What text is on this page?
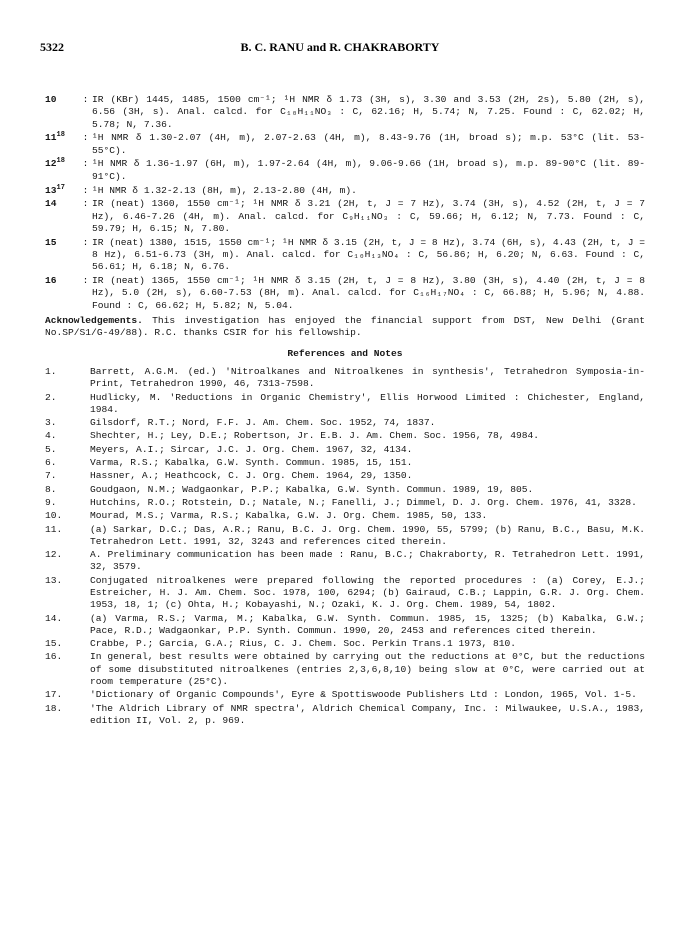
5322	B. C. RANU and R. CHAKRABORTY
10	: IR (KBr) 1445, 1485, 1500 cm⁻¹; ¹H NMR δ 1.73 (3H, s), 3.30 and 3.53 (2H, 2s), 5.80 (2H, s), 6.56 (3H, s). Anal. calcd. for C₁₀H₁₁NO₃ : C, 62.16; H, 5.74; N, 7.25. Found : C, 62.02; H, 5.78; N, 7.36.
$11^{18}$	: ¹H NMR δ 1.30-2.07 (4H, m), 2.07-2.63 (4H, m), 8.43-9.76 (1H, broad s); m.p. 53°C (lit. 53-55°C).
$12^{18}$	: ¹H NMR δ 1.36-1.97 (6H, m), 1.97-2.64 (4H, m), 9.06-9.66 (1H, broad s), m.p. 89-90°C (lit. 89-91°C).
$13^{17}$	: ¹H NMR δ 1.32-2.13 (8H, m), 2.13-2.80 (4H, m).
14	: IR (neat) 1360, 1550 cm⁻¹; ¹H NMR δ 3.21 (2H, t, J = 7 Hz), 3.74 (3H, s), 4.52 (2H, t, J = 7 Hz), 6.46-7.26 (4H, m). Anal. calcd. for C₉H₁₁NO₃ : C, 59.66; H, 6.12; N, 7.73. Found : C, 59.79; H, 6.15; N, 7.80.
15	: IR (neat) 1380, 1515, 1550 cm⁻¹; ¹H NMR δ 3.15 (2H, t, J = 8 Hz), 3.74 (6H, s), 4.43 (2H, t, J = 8 Hz), 6.51-6.73 (3H, m). Anal. calcd. for C₁₀H₁₃NO₄ : C, 56.86; H, 6.20; N, 6.63. Found : C, 56.61; H, 6.18; N, 6.76.
16	: IR (neat) 1365, 1550 cm⁻¹; ¹H NMR δ 3.15 (2H, t, J = 8 Hz), 3.80 (3H, s), 4.40 (2H, t, J = 8 Hz), 5.0 (2H, s), 6.60-7.53 (8H, m). Anal. calcd. for C₁₆H₁₇NO₄ : C, 66.88; H, 5.96; N, 4.88. Found : C, 66.62; H, 5.82; N, 5.04.
Acknowledgements. This investigation has enjoyed the financial support from DST, New Delhi (Grant No.SP/S1/G-49/88). R.C. thanks CSIR for his fellowship.
References and Notes
1.	Barrett, A.G.M. (ed.) 'Nitroalkanes and Nitroalkenes in synthesis', Tetrahedron Symposia-in-Print, Tetrahedron 1990, 46, 7313-7598.
2.	Hudlicky, M. 'Reductions in Organic Chemistry', Ellis Horwood Limited : Chichester, England, 1984.
3.	Gilsdorf, R.T.; Nord, F.F. J. Am. Chem. Soc. 1952, 74, 1837.
4.	Shechter, H.; Ley, D.E.; Robertson, Jr. E.B. J. Am. Chem. Soc. 1956, 78, 4984.
5.	Meyers, A.I.; Sircar, J.C. J. Org. Chem. 1967, 32, 4134.
6.	Varma, R.S.; Kabalka, G.W. Synth. Commun. 1985, 15, 151.
7.	Hassner, A.; Heathcock, C. J. Org. Chem. 1964, 29, 1350.
8.	Goudgaon, N.M.; Wadgaonkar, P.P.; Kabalka, G.W. Synth. Commun. 1989, 19, 805.
9.	Hutchins, R.O.; Rotstein, D.; Natale, N.; Fanelli, J.; Dimmel, D. J. Org. Chem. 1976, 41, 3328.
10.	Mourad, M.S.; Varma, R.S.; Kabalka, G.W. J. Org. Chem. 1985, 50, 133.
11.	(a) Sarkar, D.C.; Das, A.R.; Ranu, B.C. J. Org. Chem. 1990, 55, 5799; (b) Ranu, B.C., Basu, M.K. Tetrahedron Lett. 1991, 32, 3243 and references cited therein.
12.	A. Preliminary communication has been made : Ranu, B.C.; Chakraborty, R. Tetrahedron Lett. 1991, 32, 3579.
13.	Conjugated nitroalkenes were prepared following the reported procedures : (a) Corey, E.J.; Estreicher, H. J. Am. Chem. Soc. 1978, 100, 6294; (b) Gairaud, C.B.; Lappin, G.R. J. Org. Chem. 1953, 18, 1; (c) Ohta, H.; Kobayashi, N.; Ozaki, K. J. Org. Chem. 1989, 54, 1802.
14.	(a) Varma, R.S.; Varma, M.; Kabalka, G.W. Synth. Commun. 1985, 15, 1325; (b) Kabalka, G.W.; Pace, R.D.; Wadgaonkar, P.P. Synth. Commun. 1990, 20, 2453 and references cited therein.
15.	Crabbe, P.; Garcia, G.A.; Rius, C. J. Chem. Soc. Perkin Trans.1 1973, 810.
16.	In general, best results were obtained by carrying out the reductions at 0°C, but the reductions of some disubstituted nitroalkenes (entries 2,3,6,8,10) being slow at 0°C, were carried out at room temperature (25°C).
17.	'Dictionary of Organic Compounds', Eyre & Spottiswoode Publishers Ltd : London, 1965, Vol. 1-5.
18.	'The Aldrich Library of NMR spectra', Aldrich Chemical Company, Inc. : Milwaukee, U.S.A., 1983, edition II, Vol. 2, p. 969.
